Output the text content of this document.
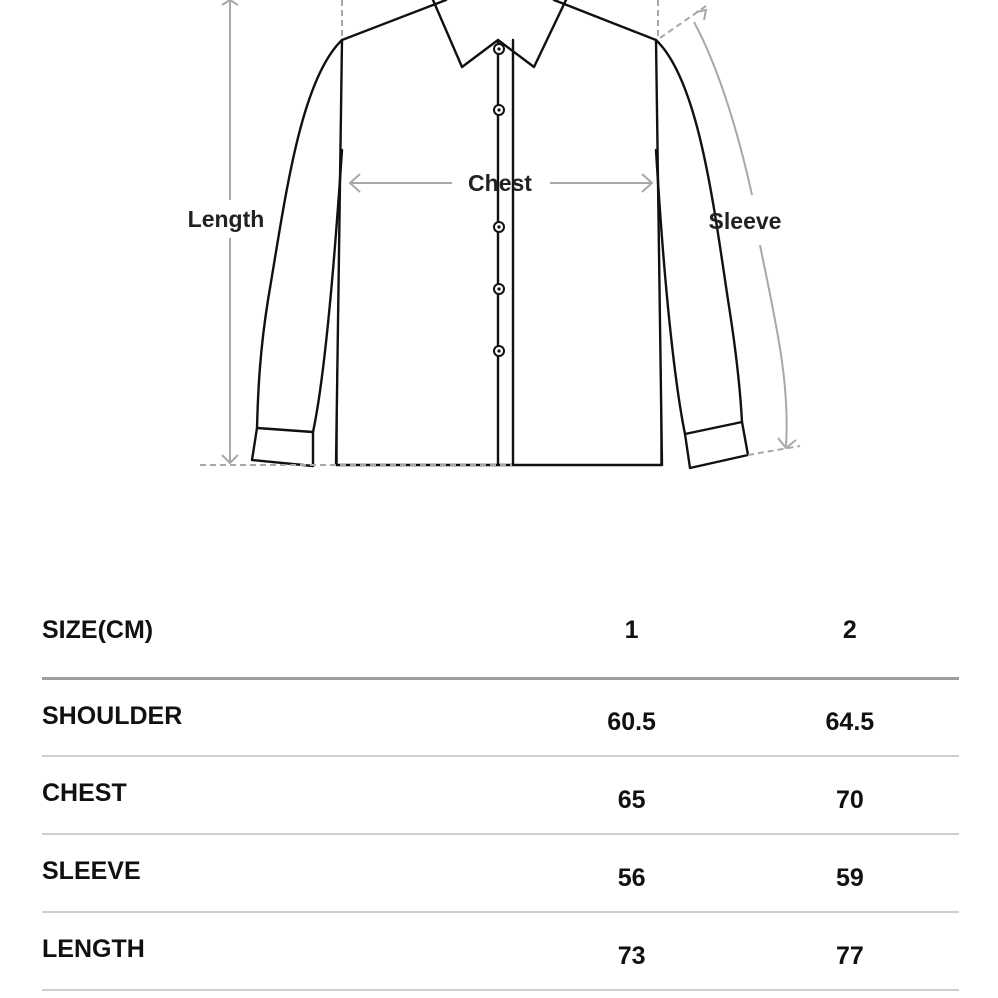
Length
Chest
Sleeve
SIZE(CM)	1	2
SHOULDER	60.5	64.5
CHEST	65	70
SLEEVE	56	59
LENGTH	73	77
